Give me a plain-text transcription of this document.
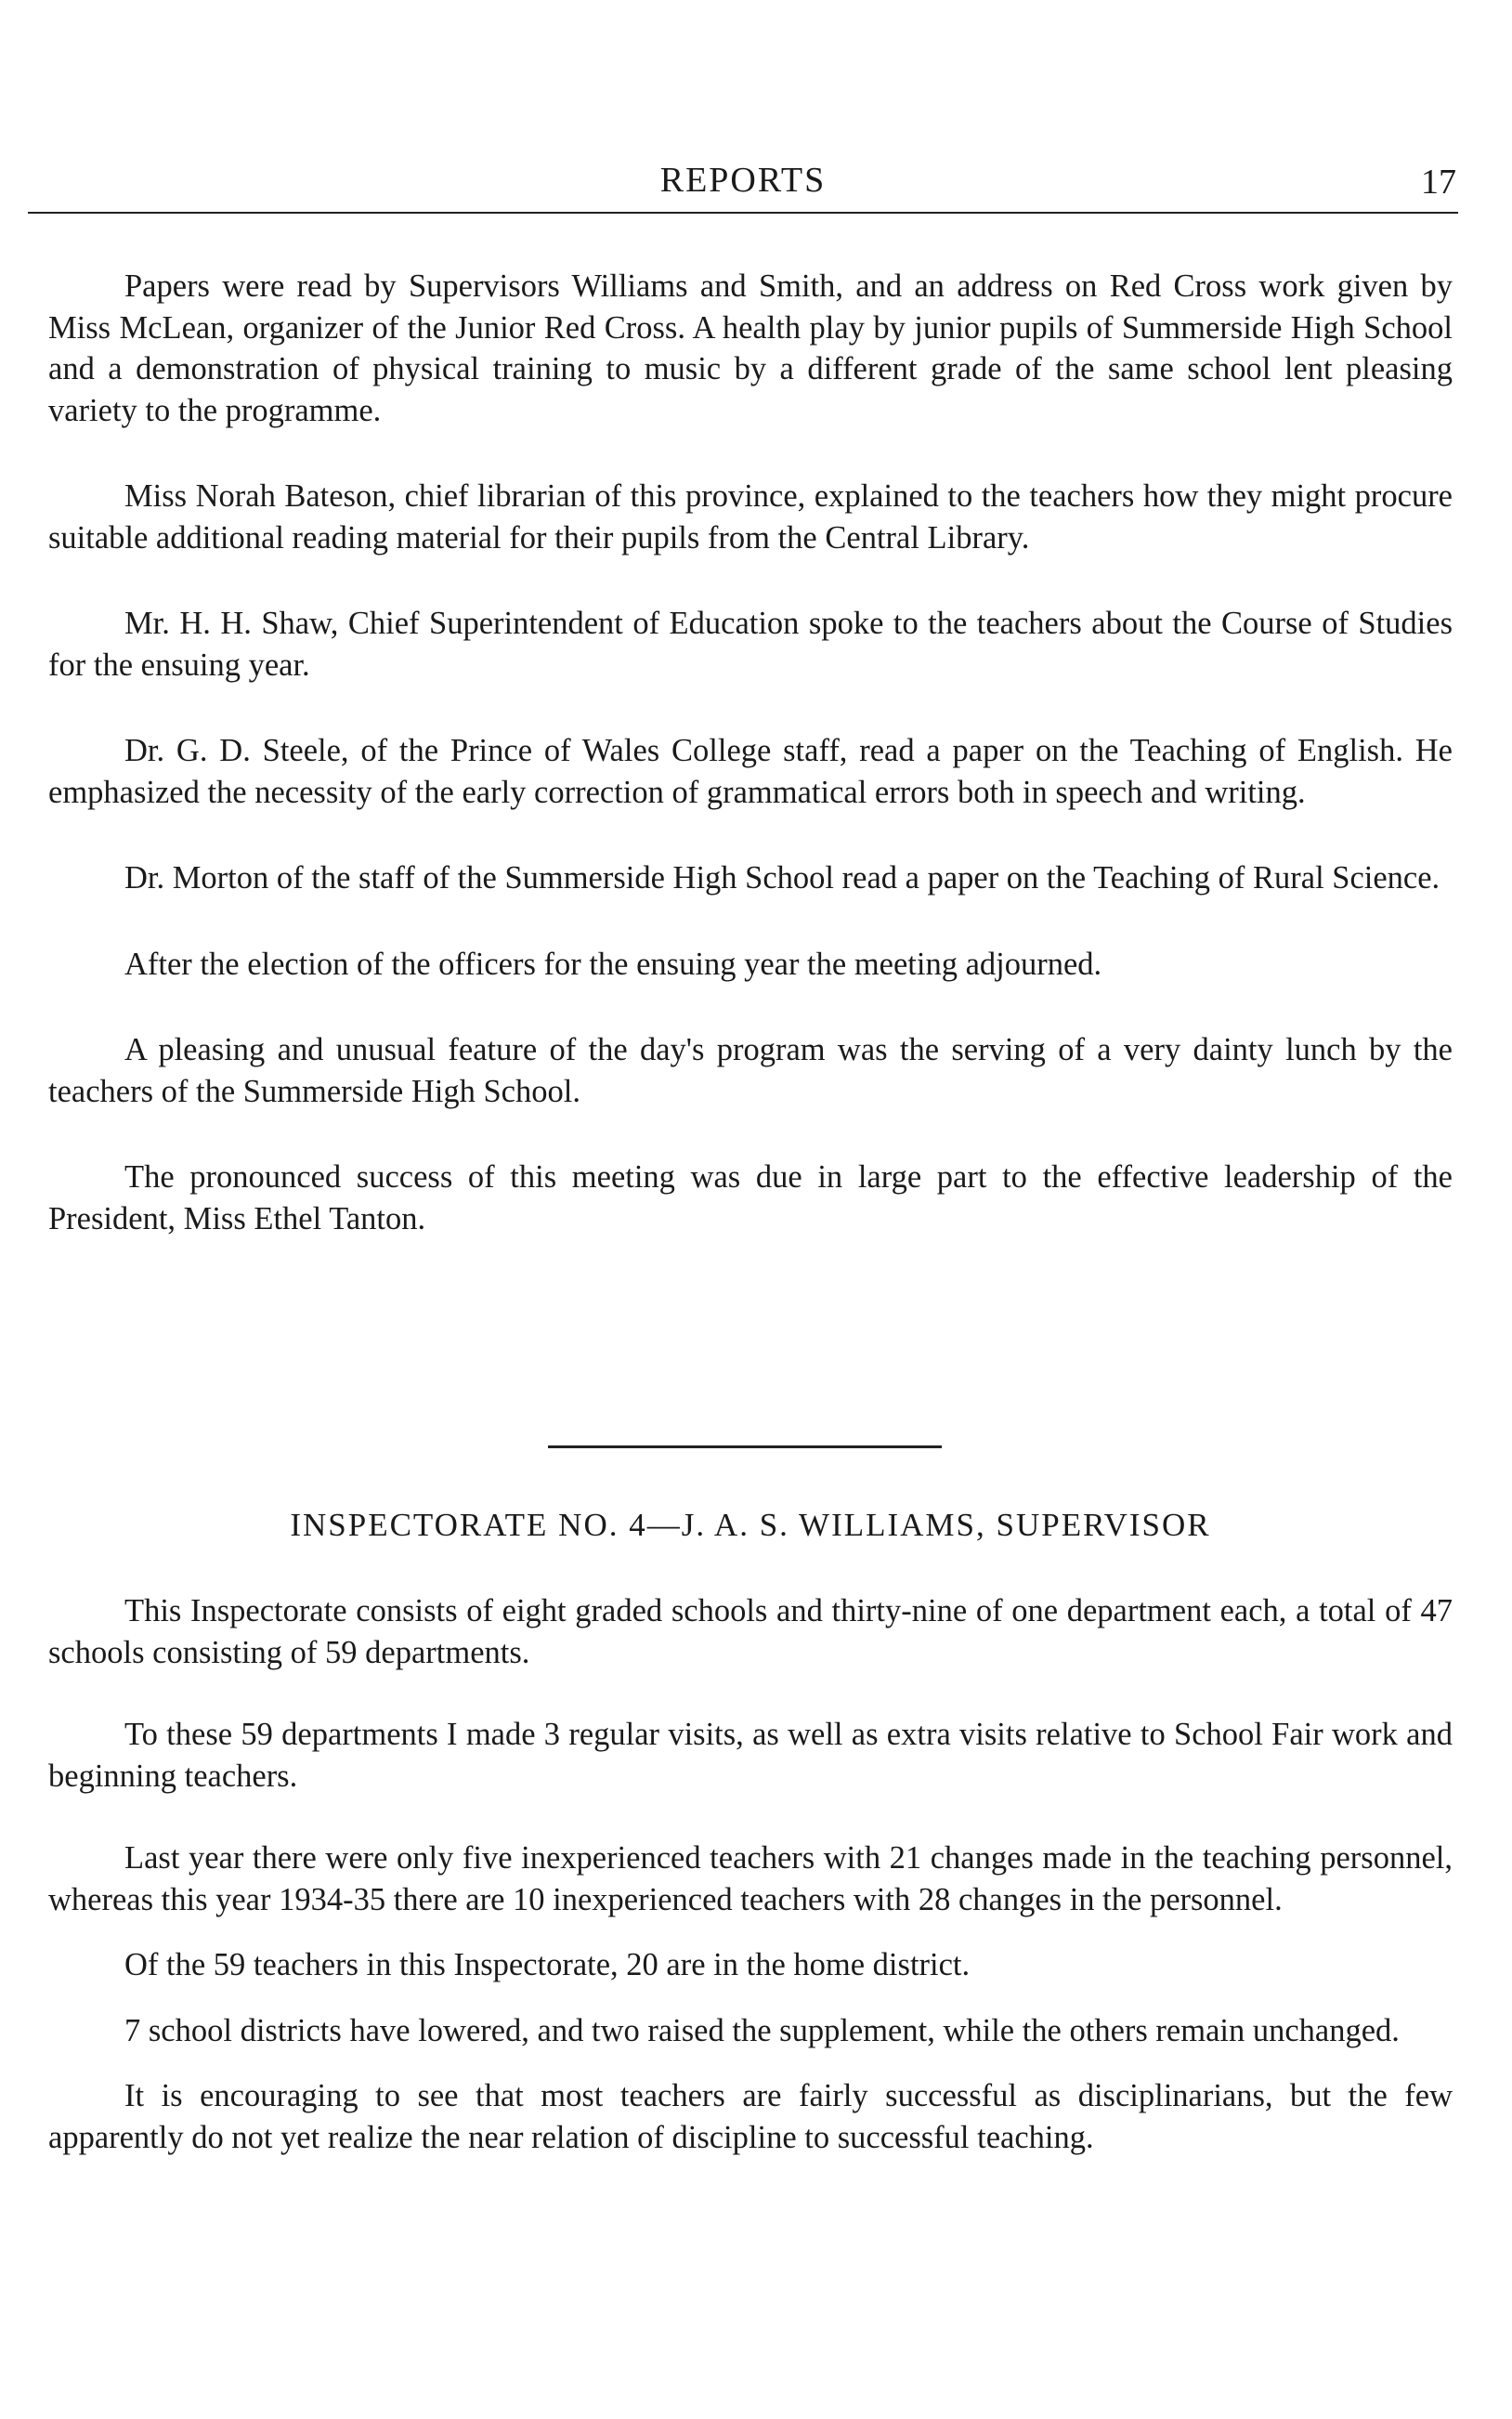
REPORTS	17

Papers were read by Supervisors Williams and Smith, and an address on Red Cross work given by Miss McLean, organizer of the Junior Red Cross. A health play by junior pupils of Summerside High School and a demonstration of physical training to music by a different grade of the same school lent pleasing variety to the programme.

Miss Norah Bateson, chief librarian of this province, explained to the teachers how they might procure suitable additional reading material for their pupils from the Central Library.

Mr. H. H. Shaw, Chief Superintendent of Education spoke to the teachers about the Course of Studies for the ensuing year.

Dr. G. D. Steele, of the Prince of Wales College staff, read a paper on the Teaching of English. He emphasized the necessity of the early correction of grammatical errors both in speech and writing.

Dr. Morton of the staff of the Summerside High School read a paper on the Teaching of Rural Science.

After the election of the officers for the ensuing year the meeting adjourned.

A pleasing and unusual feature of the day's program was the serving of a very dainty lunch by the teachers of the Summerside High School.

The pronounced success of this meeting was due in large part to the effective leadership of the President, Miss Ethel Tanton.

INSPECTORATE NO. 4—J. A. S. WILLIAMS, SUPERVISOR

This Inspectorate consists of eight graded schools and thirty-nine of one department each, a total of 47 schools consisting of 59 departments.

To these 59 departments I made 3 regular visits, as well as extra visits relative to School Fair work and beginning teachers.

Last year there were only five inexperienced teachers with 21 changes made in the teaching personnel, whereas this year 1934-35 there are 10 inexperienced teachers with 28 changes in the personnel.

Of the 59 teachers in this Inspectorate, 20 are in the home district.

7 school districts have lowered, and two raised the supplement, while the others remain unchanged.

It is encouraging to see that most teachers are fairly successful as disciplinarians, but the few apparently do not yet realize the near relation of discipline to successful teaching.
